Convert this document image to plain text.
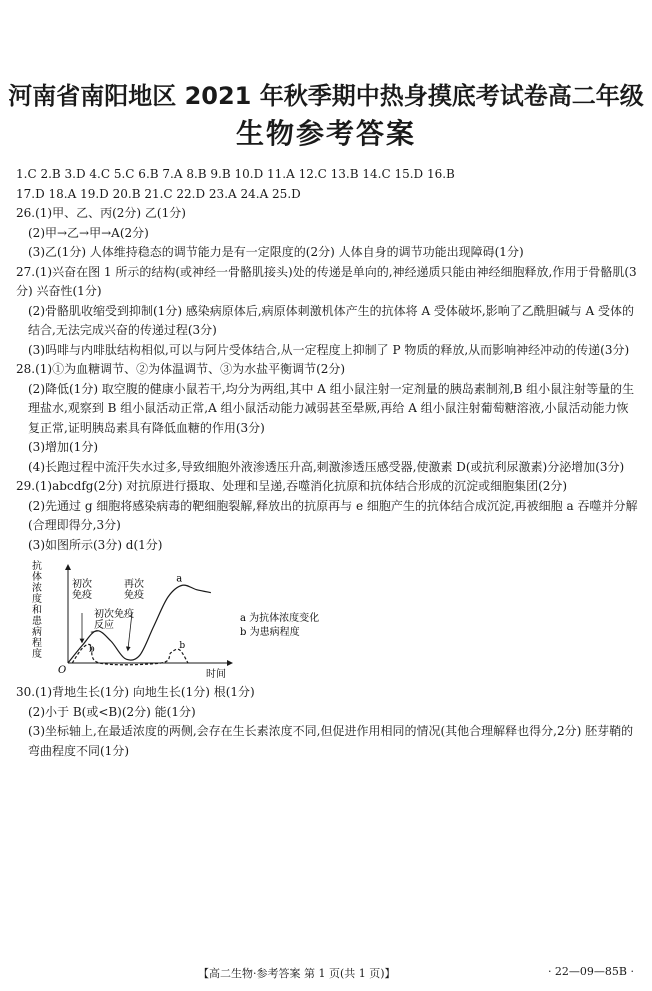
河南省南阳地区 2021 年秋季期中热身摸底考试卷高二年级
生物参考答案
1.C 2.B 3.D 4.C 5.C 6.B 7.A 8.B 9.B 10.D 11.A 12.C 13.B 14.C 15.D 16.B
17.D 18.A 19.D 20.B 21.C 22.D 23.A 24.A 25.D
26.(1)甲、乙、丙(2分) 乙(1分)
(2)甲→乙→甲→A(2分)
(3)乙(1分) 人体维持稳态的调节能力是有一定限度的(2分) 人体自身的调节功能出现障碍(1分)
27.(1)兴奋在图 1 所示的结构(或神经一骨骼肌接头)处的传递是单向的,神经递质只能由神经细胞释放,作用于骨骼肌(3分) 兴奋性(1分)
(2)骨骼肌收缩受到抑制(1分) 感染病原体后,病原体刺激机体产生的抗体将 A 受体破坏,影响了乙酰胆碱与 A 受体的结合,无法完成兴奋的传递过程(3分)
(3)吗啡与内啡肽结构相似,可以与阿片受体结合,从一定程度上抑制了 P 物质的释放,从而影响神经冲动的传递(3分)
28.(1)①为血糖调节、②为体温调节、③为水盐平衡调节(2分)
(2)降低(1分) 取空腹的健康小鼠若干,均分为两组,其中 A 组小鼠注射一定剂量的胰岛素制剂,B 组小鼠注射等量的生理盐水,观察到 B 组小鼠活动正常,A 组小鼠活动能力减弱甚至晕厥,再给 A 组小鼠注射葡萄糖溶液,小鼠活动能力恢复正常,证明胰岛素具有降低血糖的作用(3分)
(3)增加(1分)
(4)长跑过程中流汗失水过多,导致细胞外液渗透压升高,刺激渗透压感受器,使激素 D(或抗利尿激素)分泌增加(3分)
29.(1)abcdfg(2分) 对抗原进行摄取、处理和呈递,吞噬消化抗原和抗体结合形成的沉淀或细胞集团(2分)
(2)先通过 g 细胞将感染病毒的靶细胞裂解,释放出的抗原再与 e 细胞产生的抗体结合成沉淀,再被细胞 a 吞噬并分解(合理即得分,3分)
(3)如图所示(3分) d(1分)
抗
体
浓
度
和
患
病
程
度
O	时间
a
b	b
初次
免疫
再次
免疫
初次免疫
反应
a 为抗体浓度变化
b 为患病程度
30.(1)背地生长(1分) 向地生长(1分) 根(1分)
(2)小于 B(或<B)(2分) 能(1分)
(3)坐标轴上,在最适浓度的两侧,会存在生长素浓度不同,但促进作用相同的情况(其他合理解释也得分,2分) 胚芽鞘的弯曲程度不同(1分)
【高二生物·参考答案 第 1 页(共 1 页)】	· 22—09—85B ·
